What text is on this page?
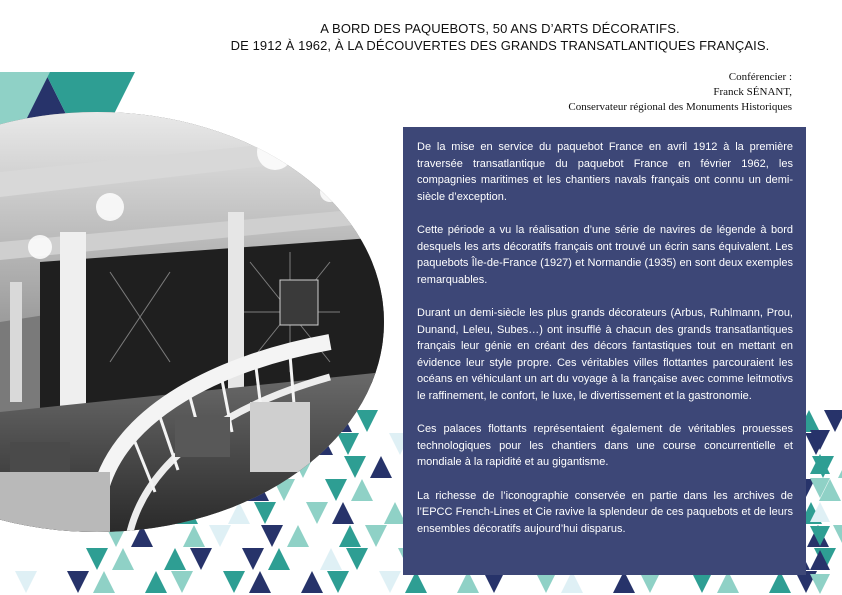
A BORD DES PAQUEBOTS, 50 ANS D’ARTS DÉCORATIFS.
DE 1912 À 1962, À LA DÉCOUVERTES DES GRANDS TRANSATLANTIQUES FRANÇAIS.
Conférencier :
Franck SÉNANT,
Conservateur régional des Monuments Historiques

De la mise en service du paquebot France en avril 1912 à la première traversée transatlantique du paquebot France en février 1962, les compagnies maritimes et les chantiers navals français ont connu un demi-siècle d’exception.

Cette période a vu la réalisation d’une série de navires de légende à bord desquels les arts décoratifs français ont trouvé un écrin sans équivalent. Les paquebots Île-de-France (1927) et Normandie (1935) en sont deux exemples remarquables.

Durant un demi-siècle les plus grands décorateurs (Arbus, Ruhlmann, Prou, Dunand, Leleu, Subes…) ont insufflé à chacun des grands transatlantiques français leur génie en créant des décors fantastiques tout en mettant en évidence leur style propre. Ces véritables villes flottantes parcouraient les océans en véhiculant un art du voyage à la française avec comme leitmotivs le raffinement, le confort, le luxe, le divertissement et la gastronomie.

Ces palaces flottants représentaient également de véritables prouesses technologiques pour les chantiers dans une course concurrentielle et mondiale à la rapidité et au gigantisme.

La richesse de l’iconographie conservée en partie dans les archives de l’EPCC French-Lines et Cie ravive la splendeur de ces paquebots et de leurs ensembles décoratifs aujourd’hui disparus.
